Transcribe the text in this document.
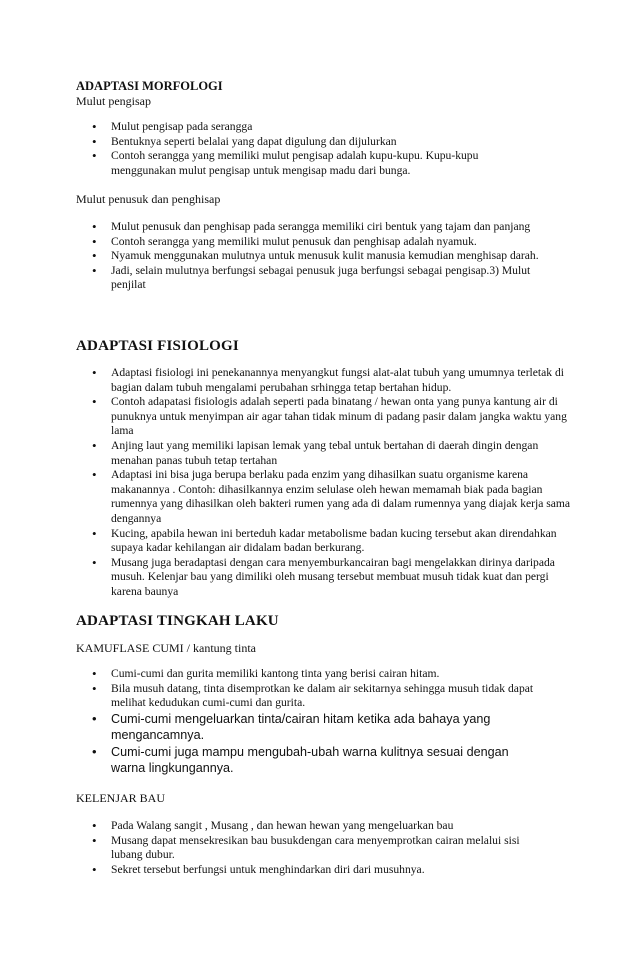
ADAPTASI MORFOLOGI
Mulut pengisap
• Mulut pengisap pada serangga
• Bentuknya seperti belalai yang dapat digulung dan dijulurkan
• Contoh serangga yang memiliki mulut pengisap adalah kupu-kupu. Kupu-kupu menggunakan mulut pengisap untuk mengisap madu dari bunga.
Mulut penusuk dan penghisap
• Mulut penusuk dan penghisap pada serangga memiliki ciri bentuk yang tajam dan panjang
• Contoh serangga yang memiliki mulut penusuk dan penghisap adalah nyamuk.
• Nyamuk menggunakan mulutnya untuk menusuk kulit manusia kemudian menghisap darah.
• Jadi, selain mulutnya berfungsi sebagai penusuk juga berfungsi sebagai pengisap.3) Mulut penjilat
ADAPTASI FISIOLOGI
• Adaptasi fisiologi ini penekanannya menyangkut fungsi alat-alat tubuh yang umumnya terletak di bagian dalam tubuh mengalami perubahan srhingga tetap bertahan hidup.
• Contoh adapatasi fisiologis adalah seperti pada binatang / hewan onta yang punya kantung air di punuknya untuk menyimpan air agar tahan tidak minum di padang pasir dalam jangka waktu yang lama
• Anjing laut yang memiliki lapisan lemak yang tebal untuk bertahan di daerah dingin dengan menahan panas tubuh tetap tertahan
• Adaptasi ini bisa juga berupa berlaku pada enzim yang dihasilkan suatu organisme karena makanannya . Contoh: dihasilkannya enzim selulase oleh hewan memamah biak pada bagian rumennya yang dihasilkan oleh bakteri rumen yang ada di dalam rumennya yang diajak kerja sama dengannya
• Kucing, apabila hewan ini berteduh kadar metabolisme badan kucing tersebut akan direndahkan supaya kadar kehilangan air didalam badan berkurang.
• Musang juga beradaptasi dengan cara menyemburkancairan bagi mengelakkan dirinya daripada musuh. Kelenjar bau yang dimiliki oleh musang tersebut membuat musuh tidak kuat dan pergi karena baunya
ADAPTASI TINGKAH LAKU
KAMUFLASE CUMI / kantung tinta
• Cumi-cumi dan gurita memiliki kantong tinta yang berisi cairan hitam.
• Bila musuh datang, tinta disemprotkan ke dalam air sekitarnya sehingga musuh tidak dapat melihat kedudukan cumi-cumi dan gurita.
• Cumi-cumi mengeluarkan tinta/cairan hitam ketika ada bahaya yang mengancamnya.
• Cumi-cumi juga mampu mengubah-ubah warna kulitnya sesuai dengan warna lingkungannya.
KELENJAR BAU
• Pada Walang sangit , Musang , dan hewan hewan yang mengeluarkan bau
• Musang dapat mensekresikan bau busukdengan cara menyemprotkan cairan melalui sisi lubang dubur.
• Sekret tersebut berfungsi untuk menghindarkan diri dari musuhnya.
